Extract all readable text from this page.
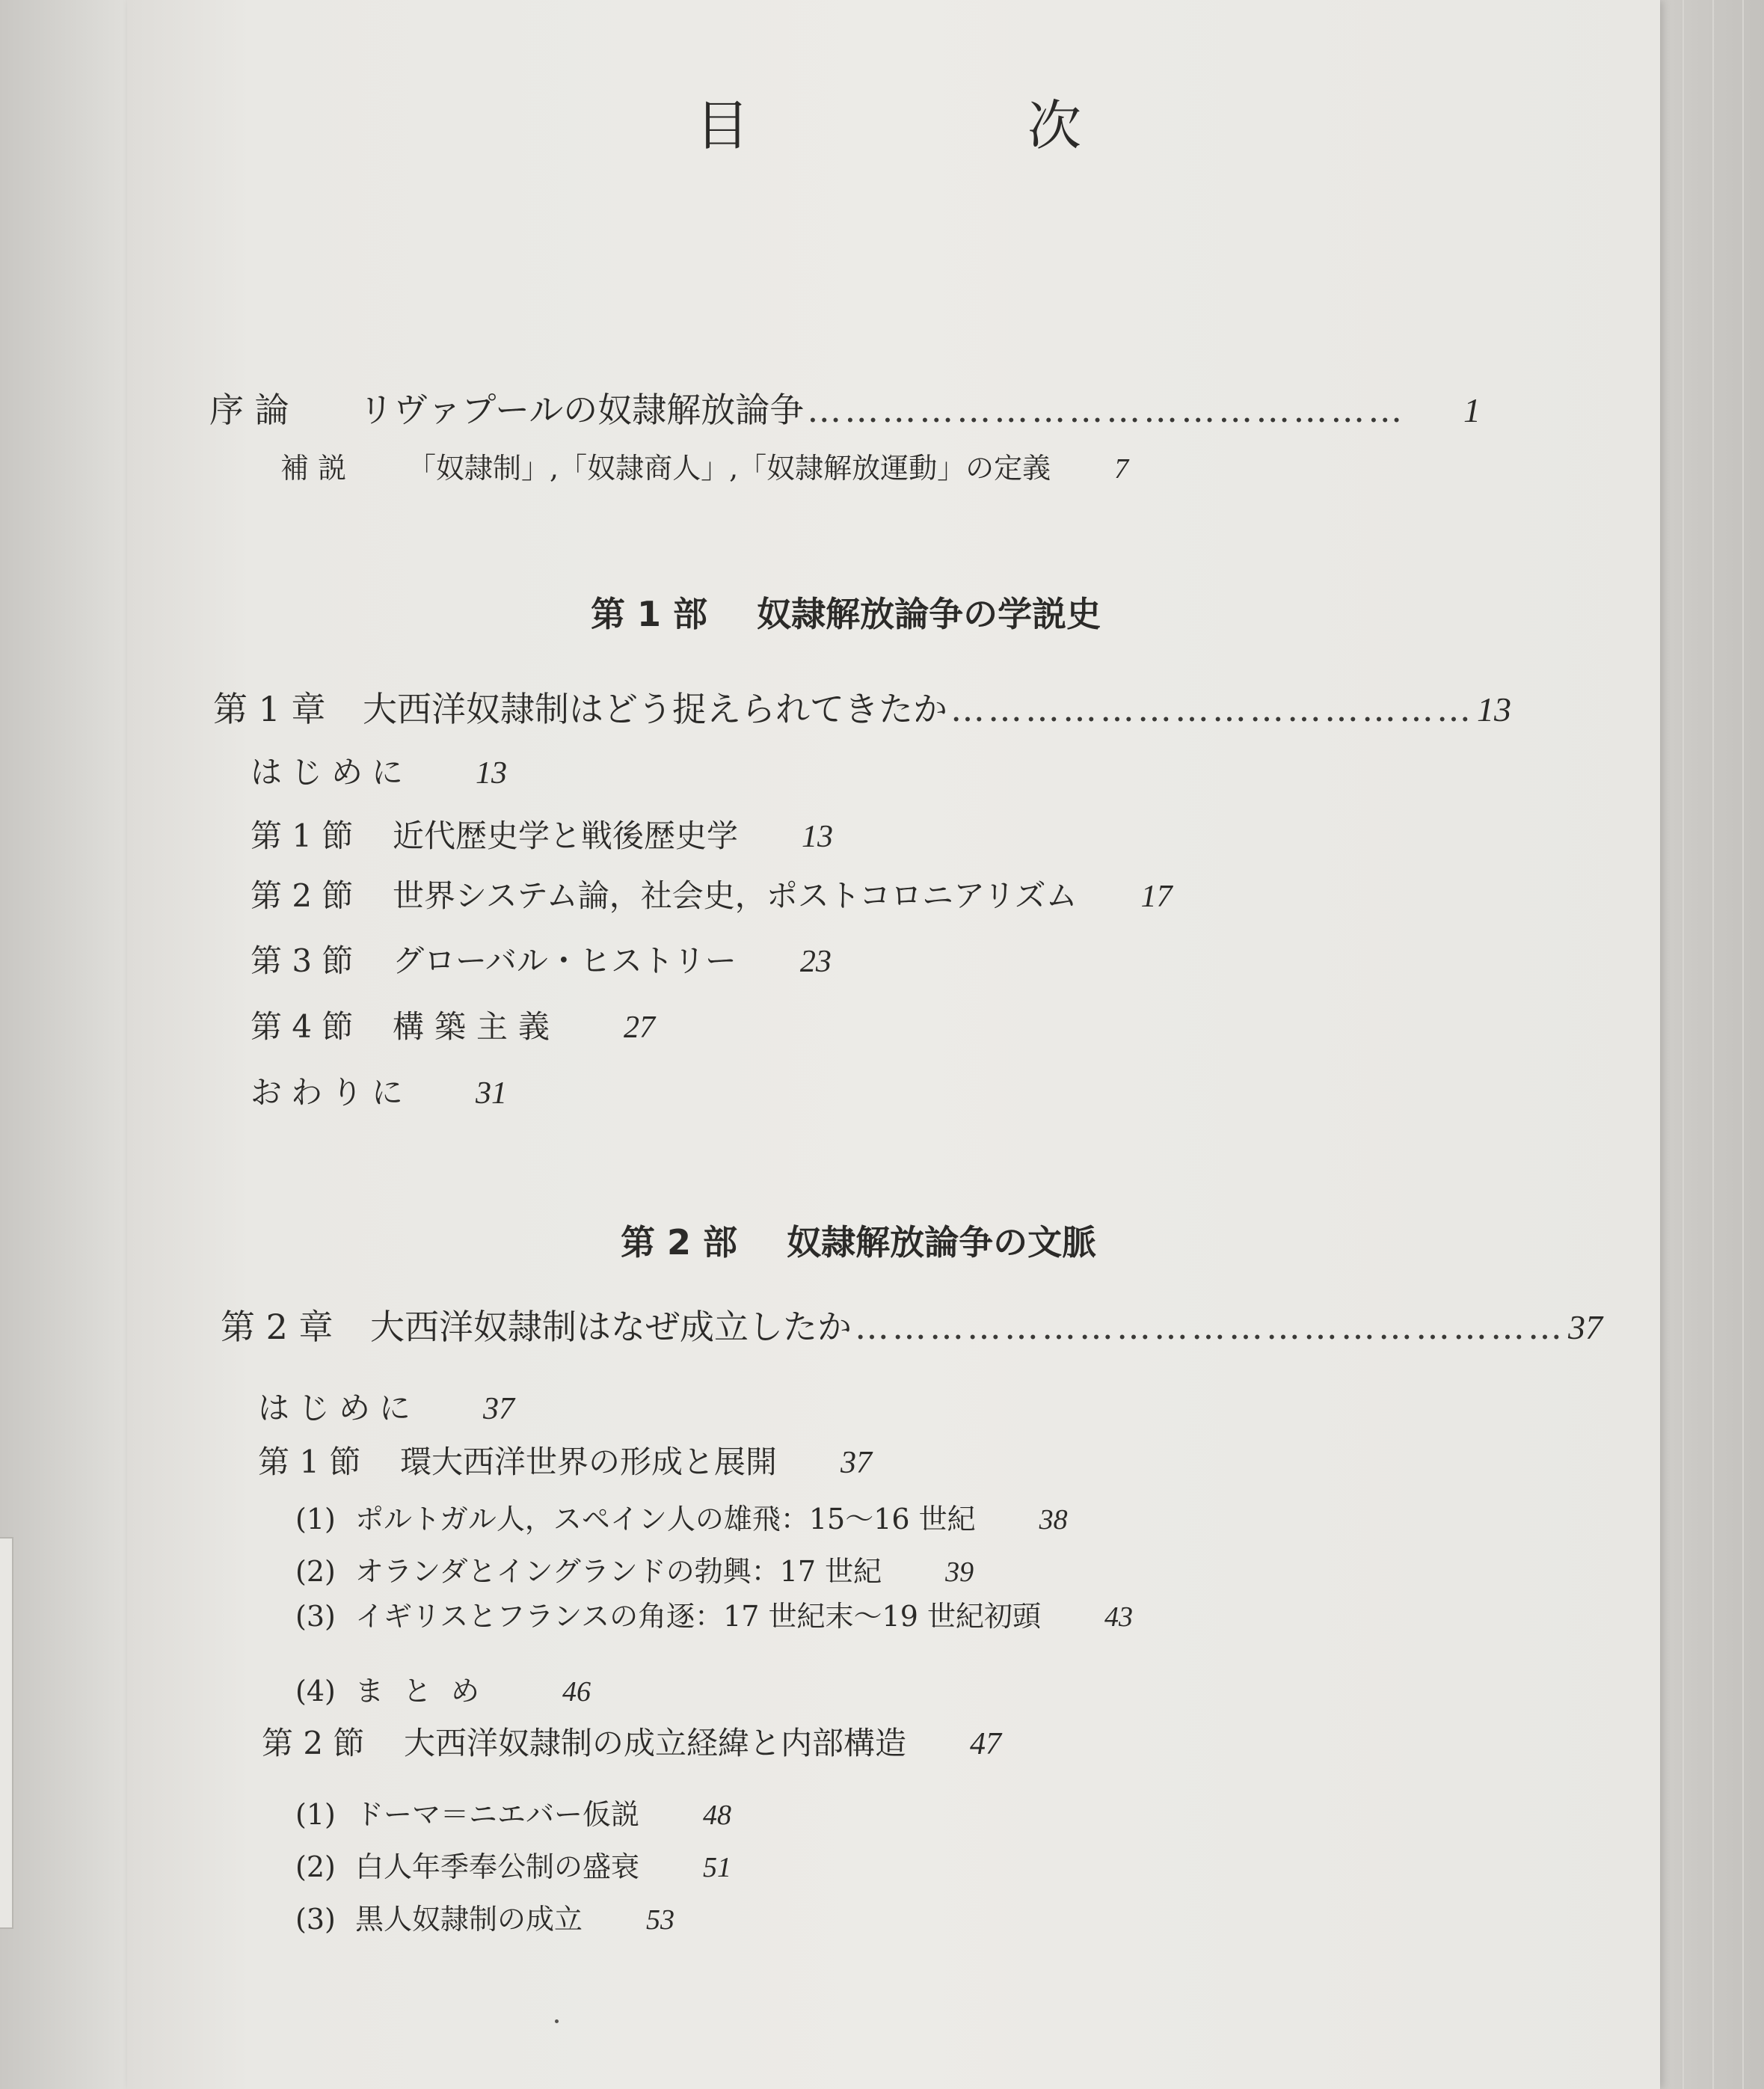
目　次
序 論	リヴァプールの奴隷解放論争 …………………………………………	1
補 説	「奴隷制」,「奴隷商人」,「奴隷解放運動」の定義 7
第 1 部 奴隷解放論争の学説史
第 1 章	大西洋奴隷制はどう捉えられてきたか …………………………………… 13
はじめに 13
第 1 節	近代歴史学と戦後歴史学 13
第 2 節	世界システム論，社会史，ポストコロニアリズム 17
第 3 節	グローバル・ヒストリー 23
第 4 節	構築主義 27
おわりに 31
第 2 部 奴隷解放論争の文脈
第 2 章	大西洋奴隷制はなぜ成立したか ………………………………………………… 37
はじめに 37
第 1 節	環大西洋世界の形成と展開 37
(1) ポルトガル人，スペイン人の雄飛：15〜16 世紀 38
(2) オランダとイングランドの勃興：17 世紀 39
(3) イギリスとフランスの角逐：17 世紀末〜19 世紀初頭 43
(4) まとめ 46
第 2 節	大西洋奴隷制の成立経緯と内部構造 47
(1) ドーマ＝ニエバー仮説 48
(2) 白人年季奉公制の盛衰 51
(3) 黒人奴隷制の成立 53
